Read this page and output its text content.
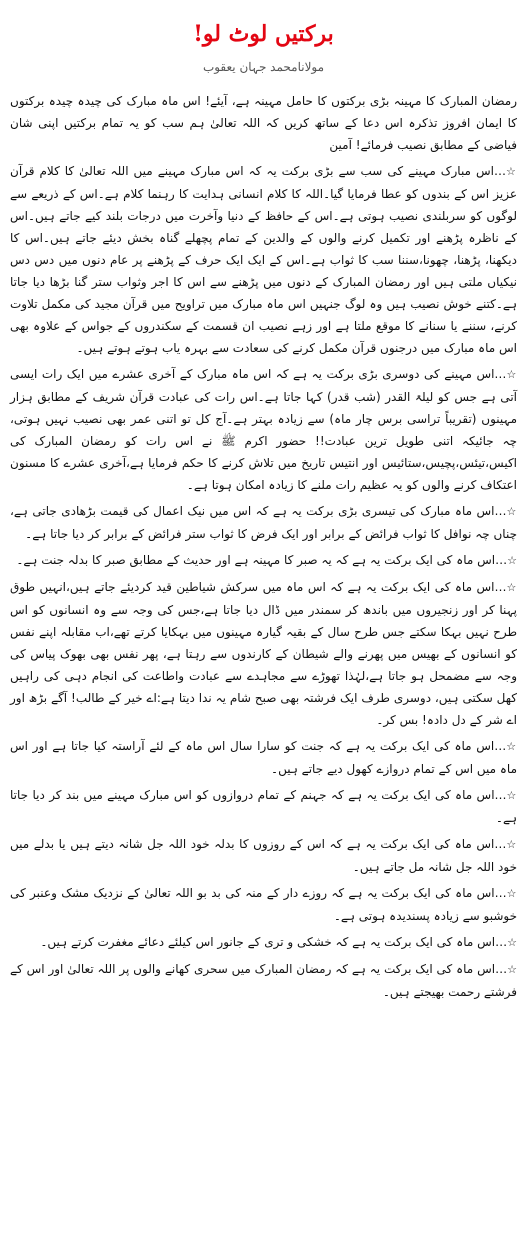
برکتیں لوٹ لو!
مولانامحمد جہان یعقوب

رمضان المبارک کا مہینہ بڑی برکتوں کا حامل مہینہ ہے، آیئے! اس ماہ مبارک کی چیدہ چیدہ برکتوں کا ایمان افروز تذکرہ اس دعا کے ساتھ کریں کہ اللہ تعالیٰ ہم سب کو یہ تمام برکتیں اپنی شان فیاضی کے مطابق نصیب فرمائے! آمین

☆…اس مبارک مہینے کی سب سے بڑی برکت یہ کہ اس مبارک مہینے میں اللہ تعالیٰ کا کلام قرآن عزیز اس کے بندوں کو عطا فرمایا گیا۔اللہ کا کلام انسانی ہدایت کا رہنما کلام ہے۔اس کے ذریعے سے لوگوں کو سربلندی نصیب ہوتی ہے۔اس کے حافظ کے دنیا وآخرت میں درجات بلند کیے جاتے ہیں۔اس کے ناظرہ پڑھنے اور تکمیل کرنے والوں کے والدین کے تمام پچھلے گناہ بخش دیئے جاتے ہیں۔اس کا دیکھنا، پڑھنا، چھونا،سننا سب کا ثواب ہے۔اس کے ایک ایک حرف کے پڑھنے پر عام دنوں میں دس دس نیکیاں ملتی ہیں اور رمضان المبارک کے دنوں میں پڑھنے سے اس کا اجر وثواب ستر گنا بڑھا دیا جاتا ہے۔کتنے خوش نصیب ہیں وہ لوگ جنہیں اس ماہ مبارک میں تراویح میں قرآن مجید کی مکمل تلاوت کرنے، سننے یا سنانے کا موقع ملتا ہے اور زہے نصیب ان قسمت کے سکندروں کے جواس کے علاوہ بھی اس ماہ مبارک میں درجنوں قرآن مکمل کرنے کی سعادت سے بہرہ یاب ہوتے ہوتے ہیں۔

☆…اس مہینے کی دوسری بڑی برکت یہ ہے کہ اس ماہ مبارک کے آخری عشرے میں ایک رات ایسی آتی ہے جس کو لیلۃ القدر (شب قدر) کہا جاتا ہے۔اس رات کی عبادت قرآن شریف کے مطابق ہزار مہینوں (تقریباً تراسی برس چار ماہ) سے زیادہ بہتر ہے۔آج کل تو اتنی عمر بھی نصیب نہیں ہوتی، چہ جائیکہ اتنی طویل ترین عبادت!! حضور اکرم ﷺ نے اس رات کو رمضان المبارک کی اکیس،تیئس،پچیس،ستائیس اور انتیس تاریخ میں تلاش کرنے کا حکم فرمایا ہے،آخری عشرے کا مسنون اعتکاف کرنے والوں کو یہ عظیم رات ملنے کا زیادہ امکان ہوتا ہے۔

☆…اس ماہ مبارک کی تیسری بڑی برکت یہ ہے کہ اس میں نیک اعمال کی قیمت بڑھادی جاتی ہے، چناں چہ نوافل کا ثواب فرائض کے برابر اور ایک فرض کا ثواب ستر فرائض کے برابر کر دیا جاتا ہے۔

☆…اس ماہ کی ایک برکت یہ ہے کہ یہ صبر کا مہینہ ہے اور حدیث کے مطابق صبر کا بدلہ جنت ہے۔

☆…اس ماہ کی ایک برکت یہ ہے کہ اس ماہ میں سرکش شیاطین قید کردیئے جاتے ہیں،انہیں طوق پہنا کر اور زنجیروں میں باندھ کر سمندر میں ڈال دیا جاتا ہے،جس کی وجہ سے وہ انسانوں کو اس طرح نہیں بہکا سکتے جس طرح سال کے بقیہ گیارہ مہینوں میں بہکایا کرتے تھے،اب مقابلہ اپنے نفس کو انسانوں کے بھیس میں پھرنے والے شیطان کے کارندوں سے رہتا ہے، پھر نفس بھی بھوک پیاس کی وجہ سے مضمحل ہو جاتا ہے،لہٰذا تھوڑے سے مجاہدے سے عبادت واطاعت کی انجام دہی کی راہیں کھل سکتی ہیں، دوسری طرف ایک فرشتہ بھی صبح شام یہ ندا دیتا ہے:اے خیر کے طالب! آگے بڑھ اور اے شر کے دل دادہ! بس کر۔

☆…اس ماہ کی ایک برکت یہ ہے کہ جنت کو سارا سال اس ماہ کے لئے آراستہ کیا جاتا ہے اور اس ماہ میں اس کے تمام دروازے کھول دیے جاتے ہیں۔

☆…اس ماہ کی ایک برکت یہ ہے کہ جہنم کے تمام دروازوں کو اس مبارک مہینے میں بند کر دیا جاتا ہے۔

☆…اس ماہ کی ایک برکت یہ ہے کہ اس کے روزوں کا بدلہ خود اللہ جل شانہ دیتے ہیں یا بدلے میں خود اللہ جل شانہ مل جاتے ہیں۔

☆…اس ماہ کی ایک برکت یہ ہے کہ روزے دار کے منہ کی بد بو اللہ تعالیٰ کے نزدیک مشک وعنبر کی خوشبو سے زیادہ پسندیدہ ہوتی ہے۔

☆…اس ماہ کی ایک برکت یہ ہے کہ خشکی و تری کے جانور اس کیلئے دعائے مغفرت کرتے ہیں۔

☆…اس ماہ کی ایک برکت یہ ہے کہ رمضان المبارک میں سحری کھانے والوں پر اللہ تعالیٰ اور اس کے فرشتے رحمت بھیجتے ہیں۔
